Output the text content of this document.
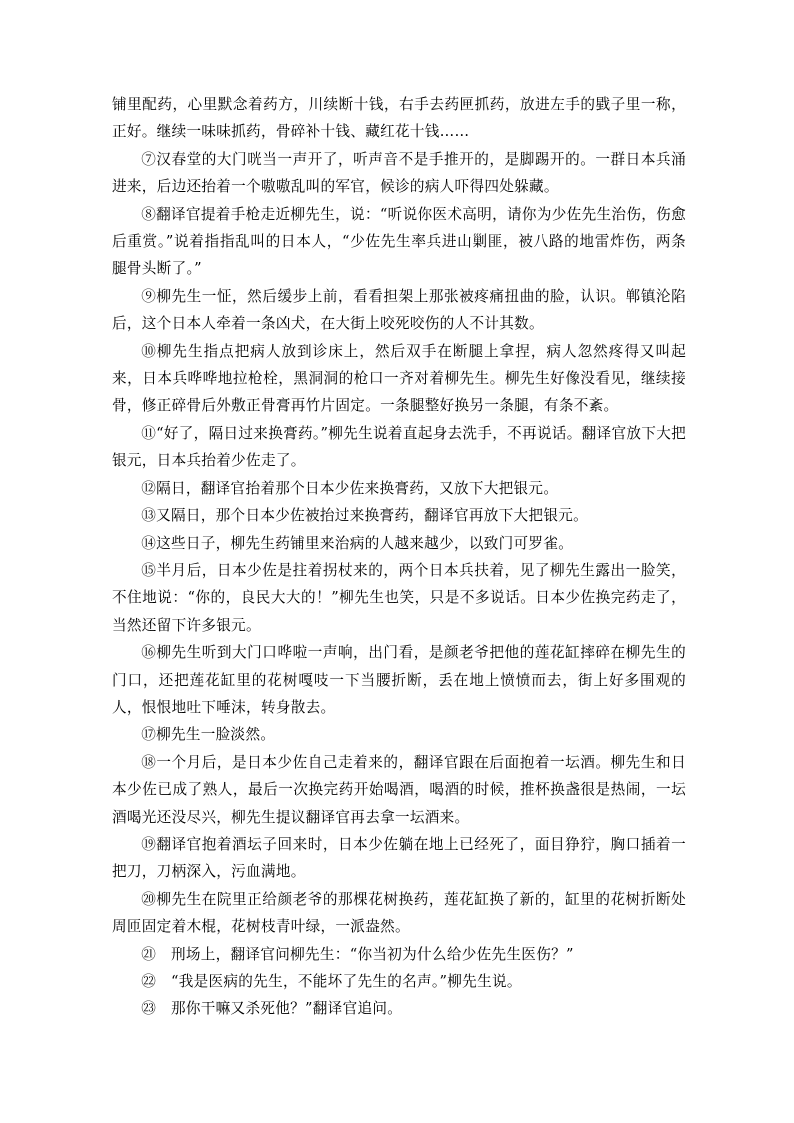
铺里配药，心里默念着药方，川续断十钱，右手去药匣抓药，放进左手的戥子里一称，正好。继续一味味抓药，骨碎补十钱、藏红花十钱……

⑦汉春堂的大门咣当一声开了，听声音不是手推开的，是脚踢开的。一群日本兵涌进来，后边还抬着一个嗷嗷乱叫的军官，候诊的病人吓得四处躲藏。

⑧翻译官提着手枪走近柳先生，说：“听说你医术高明，请你为少佐先生治伤，伤愈后重赏。”说着指指乱叫的日本人，“少佐先生率兵进山剿匪，被八路的地雷炸伤，两条腿骨头断了。”

⑨柳先生一怔，然后缓步上前，看看担架上那张被疼痛扭曲的脸，认识。郸镇沦陷后，这个日本人牵着一条凶犬，在大街上咬死咬伤的人不计其数。

⑩柳先生指点把病人放到诊床上，然后双手在断腿上拿捏，病人忽然疼得又叫起来，日本兵哗哗地拉枪栓，黑洞洞的枪口一齐对着柳先生。柳先生好像没看见，继续接骨，修正碎骨后外敷正骨膏再竹片固定。一条腿整好换另一条腿，有条不紊。

⑪“好了，隔日过来换膏药。”柳先生说着直起身去洗手，不再说话。翻译官放下大把银元，日本兵抬着少佐走了。

⑫隔日，翻译官抬着那个日本少佐来换膏药，又放下大把银元。

⑬又隔日，那个日本少佐被抬过来换膏药，翻译官再放下大把银元。

⑭这些日子，柳先生药铺里来治病的人越来越少，以致门可罗雀。

⑮半月后，日本少佐是拄着拐杖来的，两个日本兵扶着，见了柳先生露出一脸笑，不住地说：“你的，良民大大的！”柳先生也笑，只是不多说话。日本少佐换完药走了，当然还留下许多银元。

⑯柳先生听到大门口哗啦一声响，出门看，是颜老爷把他的莲花缸摔碎在柳先生的门口，还把莲花缸里的花树嘎吱一下当腰折断，丢在地上愤愤而去，街上好多围观的人，恨恨地吐下唾沫，转身散去。

⑰柳先生一脸淡然。

⑱一个月后，是日本少佐自己走着来的，翻译官跟在后面抱着一坛酒。柳先生和日本少佐已成了熟人，最后一次换完药开始喝酒，喝酒的时候，推杯换盏很是热闹，一坛酒喝光还没尽兴，柳先生提议翻译官再去拿一坛酒来。

⑲翻译官抱着酒坛子回来时，日本少佐躺在地上已经死了，面目狰狞，胸口插着一把刀，刀柄深入，污血满地。

⑳柳先生在院里正给颜老爷的那棵花树换药，莲花缸换了新的，缸里的花树折断处周匝固定着木棍，花树枝青叶绿，一派盎然。

㉑　刑场上，翻译官问柳先生：“你当初为什么给少佐先生医伤？”

㉒　“我是医病的先生，不能坏了先生的名声。”柳先生说。

㉓　那你干嘛又杀死他？”翻译官追问。
